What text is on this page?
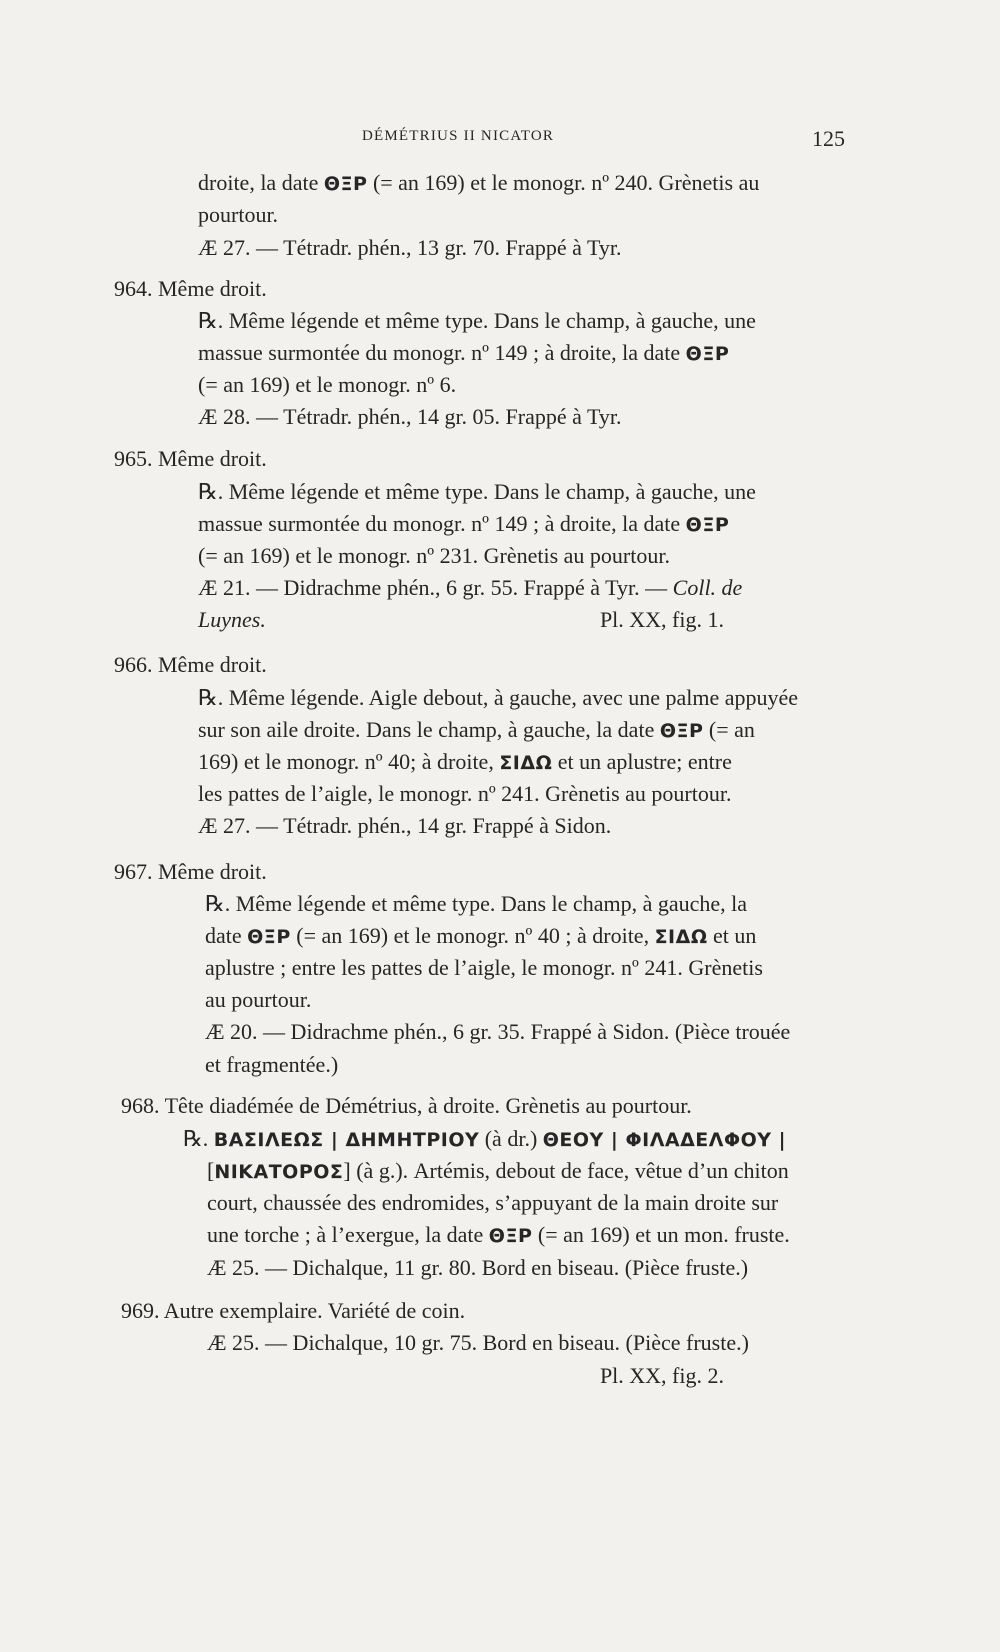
DÉMÉTRIUS II NICATOR	125
droite, la date ΘΞΡ (= an 169) et le monogr. nº 240. Grènetis au
pourtour.
Æ 27. — Tétradr. phén., 13 gr. 70. Frappé à Tyr.
964. Même droit.
℞. Même légende et même type. Dans le champ, à gauche, une
massue surmontée du monogr. nº 149 ; à droite, la date ΘΞΡ
(= an 169) et le monogr. nº 6.
Æ 28. — Tétradr. phén., 14 gr. 05. Frappé à Tyr.
965. Même droit.
℞. Même légende et même type. Dans le champ, à gauche, une
massue surmontée du monogr. nº 149 ; à droite, la date ΘΞΡ
(= an 169) et le monogr. nº 231. Grènetis au pourtour.
Æ 21. — Didrachme phén., 6 gr. 55. Frappé à Tyr. — Coll. de
Luynes.	Pl. XX, fig. 1.
966. Même droit.
℞. Même légende. Aigle debout, à gauche, avec une palme appuyée
sur son aile droite. Dans le champ, à gauche, la date ΘΞΡ (= an
169) et le monogr. nº 40; à droite, ΣΙΔΩ et un aplustre; entre
les pattes de l’aigle, le monogr. nº 241. Grènetis au pourtour.
Æ 27. — Tétradr. phén., 14 gr. Frappé à Sidon.
967. Même droit.
℞. Même légende et même type. Dans le champ, à gauche, la
date ΘΞΡ (= an 169) et le monogr. nº 40 ; à droite, ΣΙΔΩ et un
aplustre ; entre les pattes de l’aigle, le monogr. nº 241. Grènetis
au pourtour.
Æ 20. — Didrachme phén., 6 gr. 35. Frappé à Sidon. (Pièce trouée
et fragmentée.)
968. Tête diadémée de Démétrius, à droite. Grènetis au pourtour.
℞. ΒΑΣΙΛΕΩΣ | ΔΗΜΗΤΡΙΟΥ (à dr.) ΘΕΟΥ | ΦΙΛΑΔΕΛΦΟΥ |
[ΝΙΚΑΤΟΡΟΣ] (à g.). Artémis, debout de face, vêtue d’un chiton
court, chaussée des endromides, s’appuyant de la main droite sur
une torche ; à l’exergue, la date ΘΞΡ (= an 169) et un mon. fruste.
Æ 25. — Dichalque, 11 gr. 80. Bord en biseau. (Pièce fruste.)
969. Autre exemplaire. Variété de coin.
Æ 25. — Dichalque, 10 gr. 75. Bord en biseau. (Pièce fruste.)
Pl. XX, fig. 2.
